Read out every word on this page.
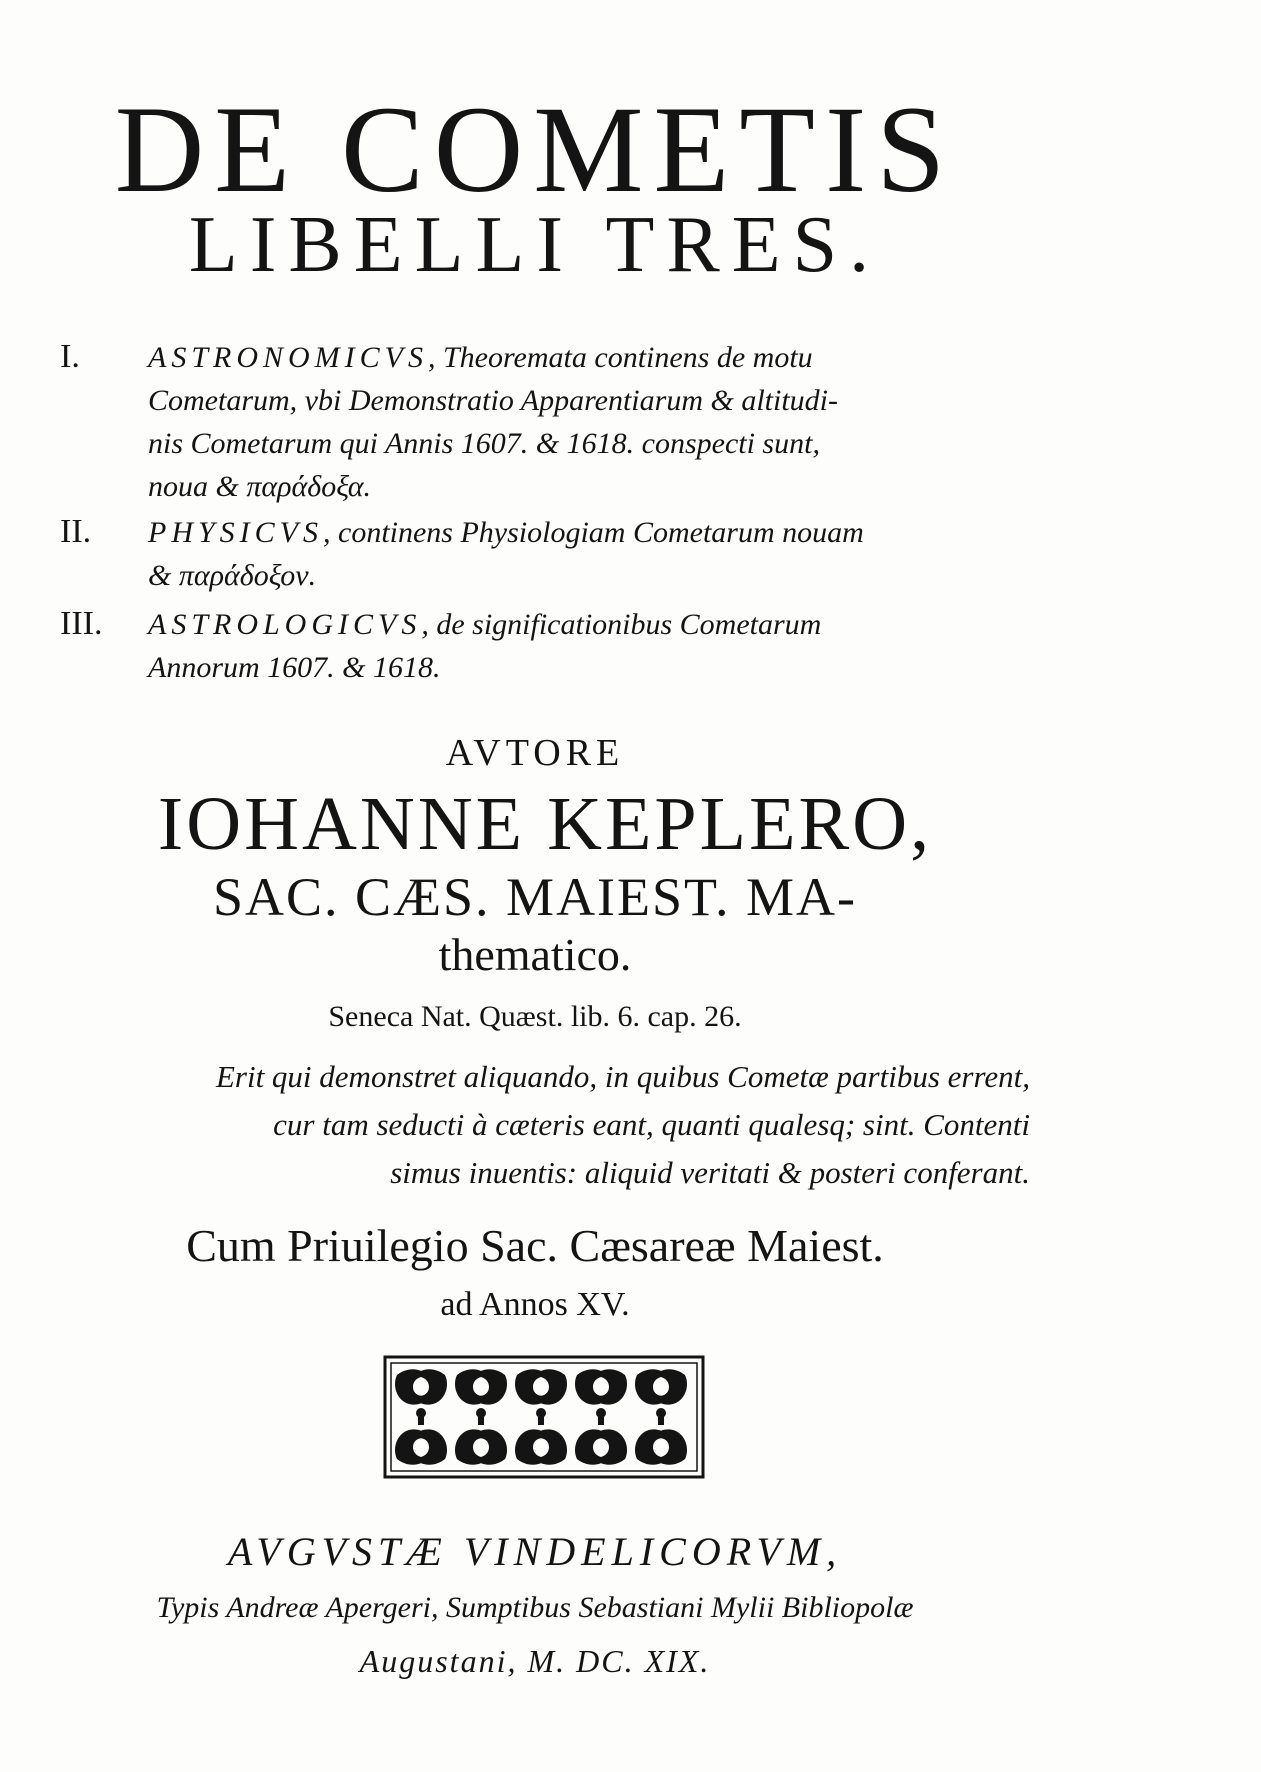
DE COMETIS
LIBELLI TRES.
I. ASTRONOMICVS, Theoremata continens de motu
Cometarum, vbi Demonstratio Apparentiarum & altitudi-
nis Cometarum qui Annis 1607. & 1618. conspecti sunt,
noua & παράδοξα.
II. PHYSICVS, continens Physiologiam Cometarum nouam
& παράδοξον.
III. ASTROLOGICVS, de significationibus Cometarum
Annorum 1607. & 1618.
AVTORE
IOHANNE KEPLERO,
SAC. CÆS. MAIEST. MA-
thematico.
Seneca Nat. Quæst. lib. 6. cap. 26.
Erit qui demonstret aliquando, in quibus Cometæ partibus errent,
cur tam seducti à cæteris eant, quanti qualesq; sint. Contenti
simus inuentis: aliquid veritati & posteri conferant.
Cum Priuilegio Sac. Cæsareæ Maiest.
ad Annos XV.
AVGVSTÆ VINDELICORVM,
Typis Andreæ Apergeri, Sumptibus Sebastiani Mylii Bibliopolæ
Augustani, M. DC. XIX.
